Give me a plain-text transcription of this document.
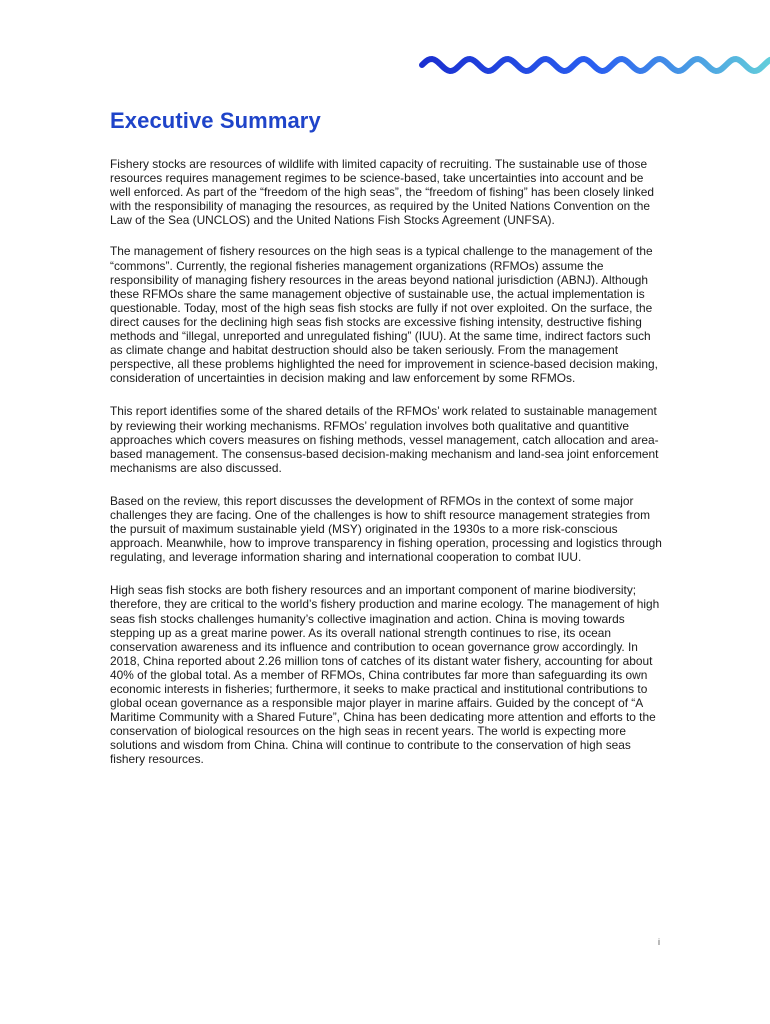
Executive Summary

Fishery stocks are resources of wildlife with limited capacity of recruiting. The sustainable use of those resources requires management regimes to be science-based, take uncertainties into account and be well enforced. As part of the “freedom of the high seas”, the “freedom of fishing” has been closely linked with the responsibility of managing the resources, as required by the United Nations Convention on the Law of the Sea (UNCLOS) and the United Nations Fish Stocks Agreement (UNFSA).

The management of fishery resources on the high seas is a typical challenge to the management of the “commons”. Currently, the regional fisheries management organizations (RFMOs) assume the responsibility of managing fishery resources in the areas beyond national jurisdiction (ABNJ). Although these RFMOs share the same management objective of sustainable use, the actual implementation is questionable. Today, most of the high seas fish stocks are fully if not over exploited. On the surface, the direct causes for the declining high seas fish stocks are excessive fishing intensity, destructive fishing methods and “illegal, unreported and unregulated fishing” (IUU). At the same time, indirect factors such as climate change and habitat destruction should also be taken seriously. From the management perspective, all these problems highlighted the need for improvement in science-based decision making, consideration of uncertainties in decision making and law enforcement by some RFMOs.

This report identifies some of the shared details of the RFMOs’ work related to sustainable management by reviewing their working mechanisms. RFMOs’ regulation involves both qualitative and quantitive approaches which covers measures on fishing methods, vessel management, catch allocation and area-based management. The consensus-based decision-making mechanism and land-sea joint enforcement mechanisms are also discussed.

Based on the review, this report discusses the development of RFMOs in the context of some major challenges they are facing. One of the challenges is how to shift resource management strategies from the pursuit of maximum sustainable yield (MSY) originated in the 1930s to a more risk-conscious approach. Meanwhile, how to improve transparency in fishing operation, processing and logistics through regulating, and leverage information sharing and international cooperation to combat IUU.

High seas fish stocks are both fishery resources and an important component of marine biodiversity; therefore, they are critical to the world’s fishery production and marine ecology. The management of high seas fish stocks challenges humanity’s collective imagination and action. China is moving towards stepping up as a great marine power. As its overall national strength continues to rise, its ocean conservation awareness and its influence and contribution to ocean governance grow accordingly. In 2018, China reported about 2.26 million tons of catches of its distant water fishery, accounting for about 40% of the global total. As a member of RFMOs, China contributes far more than safeguarding its own economic interests in fisheries; furthermore, it seeks to make practical and institutional contributions to global ocean governance as a responsible major player in marine affairs. Guided by the concept of “A Maritime Community with a Shared Future”, China has been dedicating more attention and efforts to the conservation of biological resources on the high seas in recent years. The world is expecting more solutions and wisdom from China. China will continue to contribute to the conservation of high seas fishery resources.

i
